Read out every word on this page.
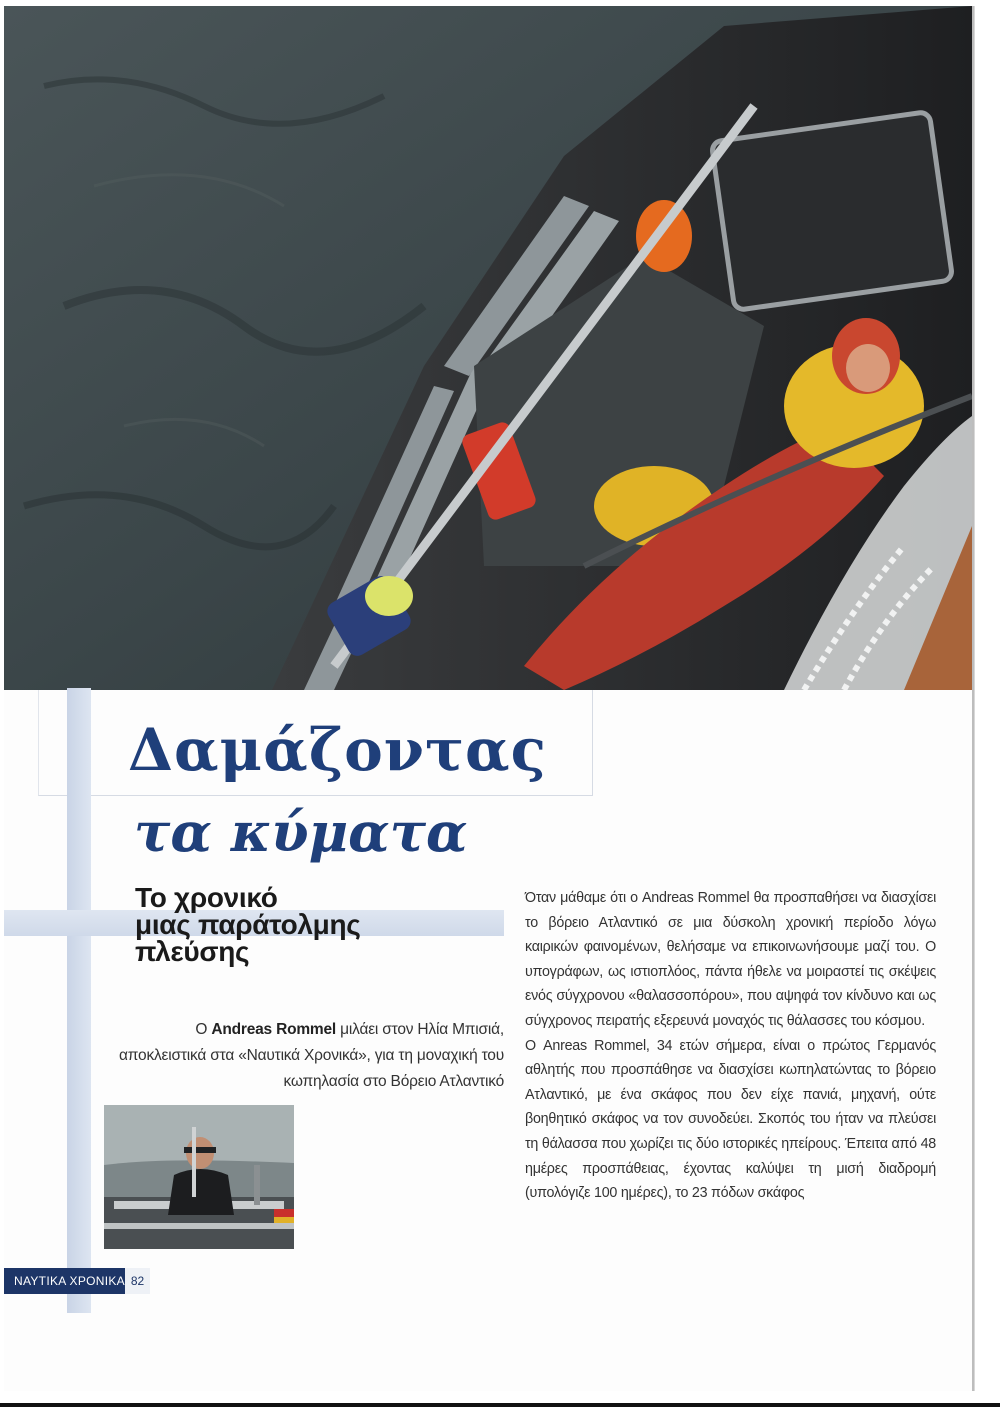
Δαμάζοντας
τα κύματα
Το χρονικό
μιας παράτολμης
πλεύσης

Ο Andreas Rommel μιλάει στον Ηλία Μπισιά, αποκλειστικά στα «Ναυτικά Χρονικά», για τη μοναχική του κωπηλασία στο Βόρειο Ατλαντικό

Όταν μάθαμε ότι ο Andreas Rommel θα προσπαθήσει να διασχίσει το βόρειο Ατλαντικό σε μια δύσκολη χρονική περίοδο λόγω καιρικών φαινομένων, θελήσαμε να επικοινωνήσουμε μαζί του. Ο υπογράφων, ως ιστιοπλόος, πάντα ήθελε να μοιραστεί τις σκέψεις ενός σύγχρονου «θαλασσοπόρου», που αψηφά τον κίνδυνο και ως σύγχρονος πειρατής εξερευνά μοναχός τις θάλασσες του κόσμου.

Ο Anreas Rommel, 34 ετών σήμερα, είναι ο πρώτος Γερμανός αθλητής που προσπάθησε να διασχίσει κωπηλατώντας το βόρειο Ατλαντικό, με ένα σκάφος που δεν είχε πανιά, μηχανή, ούτε βοηθητικό σκάφος να τον συνοδεύει. Σκοπός του ήταν να πλεύσει τη θάλασσα που χωρίζει τις δύο ιστορικές ηπείρους. Έπειτα από 48 ημέρες προσπάθειας, έχοντας καλύψει τη μισή διαδρομή (υπολόγιζε 100 ημέρες), το 23 πόδων σκάφος

ΝΑΥΤΙΚΑ ΧΡΟΝΙΚΑ 82
